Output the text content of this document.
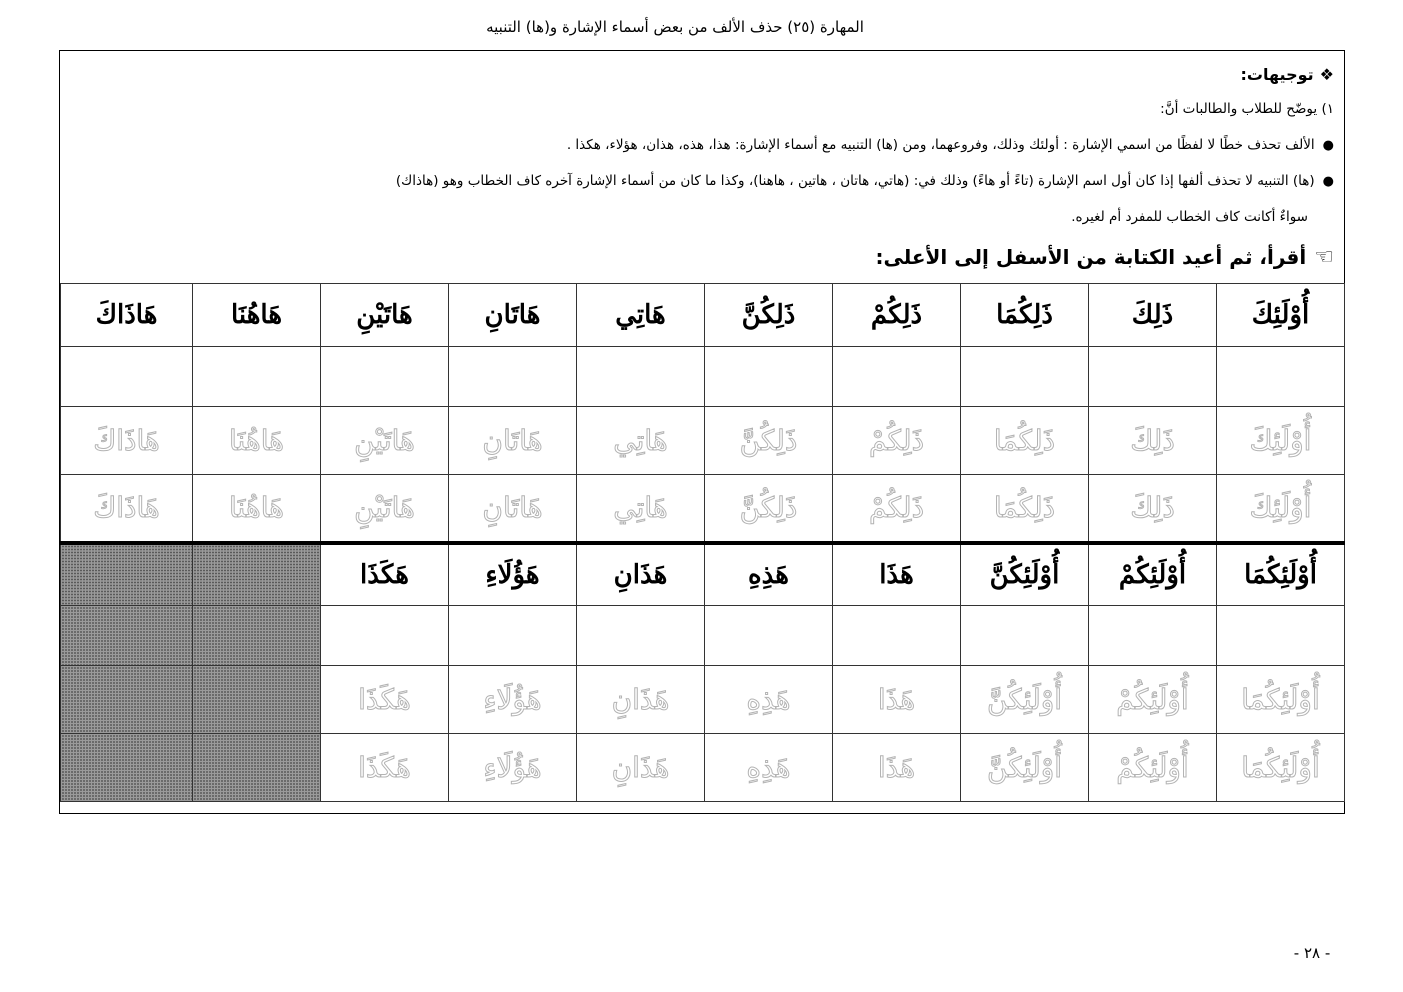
المهارة (٢٥) حذف الألف من بعض أسماء الإشارة و(ها) التنبيه
❖توجيهات:
١) يوضّح للطلاب والطالبات أنَّ:
●الألف تحذف خطًا لا لفظًا من اسمي الإشارة : أولئك وذلك، وفروعهما، ومن (ها) التنبيه مع أسماء الإشارة: هذا، هذه، هذان، هؤلاء، هكذا .
●(ها) التنبيه لا تحذف ألفها إذا كان أول اسم الإشارة (تاءً أو هاءً) وذلك في: (هاتي، هاتان ، هاتين ، هاهنا)، وكذا ما كان من أسماء الإشارة آخره كاف الخطاب وهو (هاذاك)
سواءٌ أكانت كاف الخطاب للمفرد أم لغيره.
☜أقرأ، ثم أعيد الكتابة من الأسفل إلى الأعلى:
أُوْلَئِكَ	ذَلِكَ	ذَلِكُمَا	ذَلِكُمْ	ذَلِكُنَّ	هَاتِي	هَاتَانِ	هَاتَيْنِ	هَاهُنَا	هَاذَاكَ

أُوْلَئِكَ	ذَلِكَ	ذَلِكُمَا	ذَلِكُمْ	ذَلِكُنَّ	هَاتِي	هَاتَانِ	هَاتَيْنِ	هَاهُنَا	هَاذَاكَ
أُوْلَئِكَ	ذَلِكَ	ذَلِكُمَا	ذَلِكُمْ	ذَلِكُنَّ	هَاتِي	هَاتَانِ	هَاتَيْنِ	هَاهُنَا	هَاذَاكَ
أُوْلَئِكُمَا	أُوْلَئِكُمْ	أُوْلَئِكُنَّ	هَذَا	هَذِهِ	هَذَانِ	هَؤُلَاءِ	هَكَذَا		

أُوْلَئِكُمَا	أُوْلَئِكُمْ	أُوْلَئِكُنَّ	هَذَا	هَذِهِ	هَذَانِ	هَؤُلَاءِ	هَكَذَا		
أُوْلَئِكُمَا	أُوْلَئِكُمْ	أُوْلَئِكُنَّ	هَذَا	هَذِهِ	هَذَانِ	هَؤُلَاءِ	هَكَذَا		
- ٢٨ -
